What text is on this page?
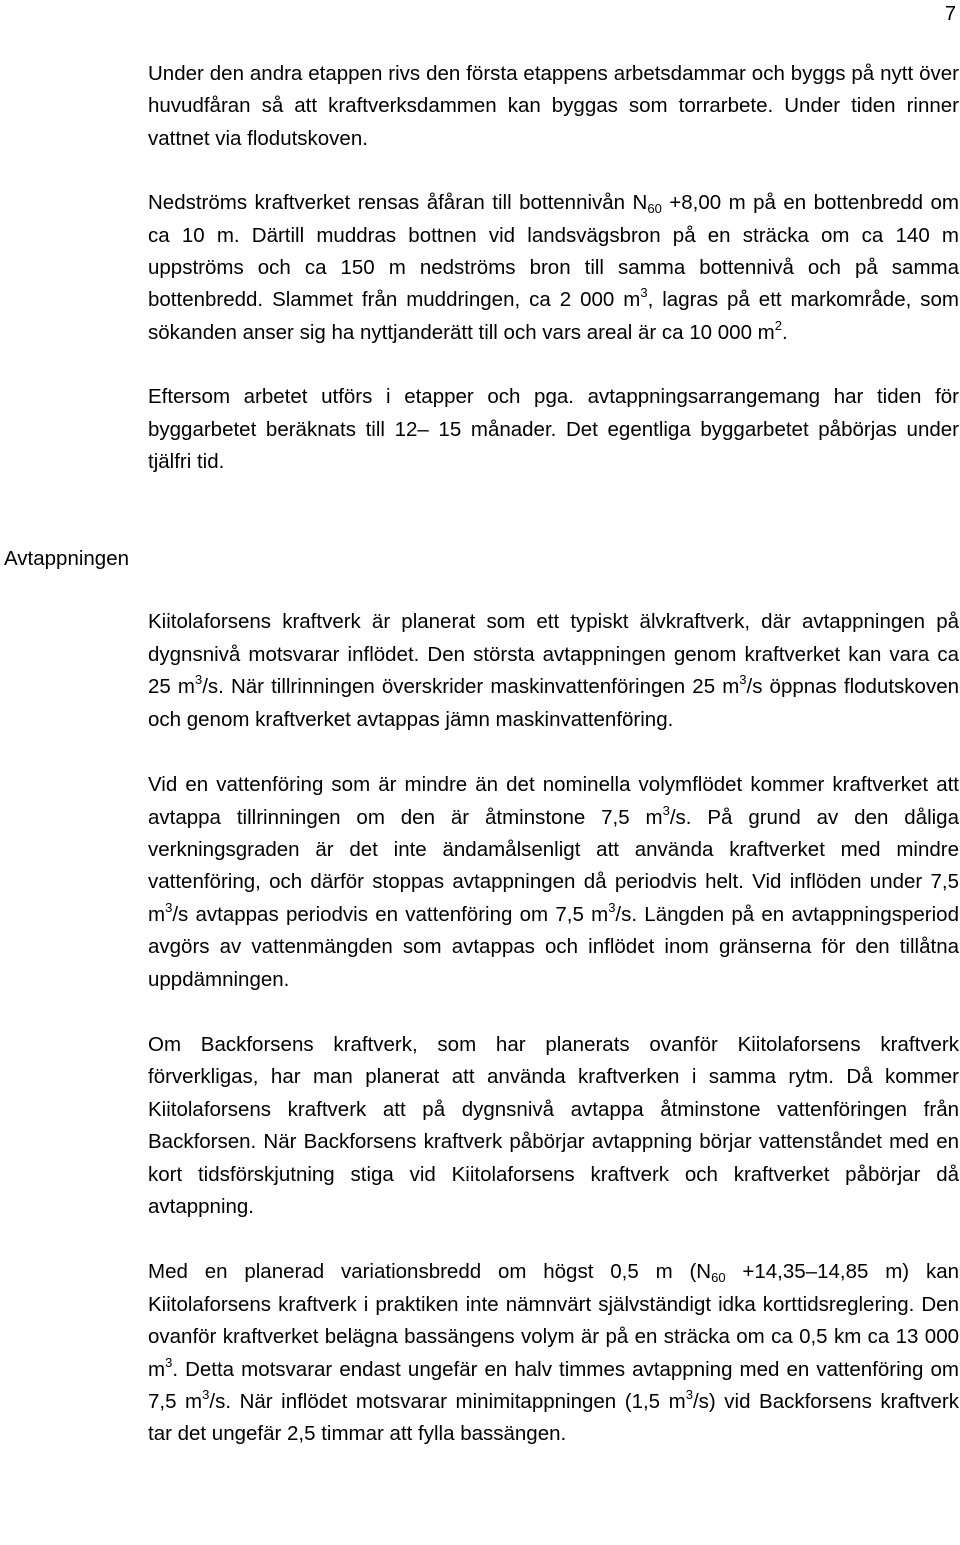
7
Avtappningen

Under den andra etappen rivs den första etappens arbetsdammar och byggs på nytt över huvudfåran så att kraftverksdammen kan byggas som torrarbete. Under tiden rinner vattnet via flodutskoven.

Nedströms kraftverket rensas åfåran till bottennivån $N_{60} +8,00$ m på en bottenbredd om ca 10 m. Därtill muddras bottnen vid landsvägsbron på en sträcka om ca 140 m uppströms och ca 150 m nedströms bron till samma bottennivå och på samma bottenbredd. Slammet från muddringen, ca 2 000 $m^3$, lagras på ett markområde, som sökanden anser sig ha nyttjanderätt till och vars areal är ca 10 000 $m^2$.

Eftersom arbetet utförs i etapper och pga. avtappningsarrangemang har tiden för byggarbetet beräknats till 12– 15 månader. Det egentliga byggarbetet påbörjas under tjälfri tid.

Kiitolaforsens kraftverk är planerat som ett typiskt älvkraftverk, där avtappningen på dygnsnivå motsvarar inflödet. Den största avtappningen genom kraftverket kan vara ca 25 $m^3/s$. När tillrinningen överskrider maskinvattenföringen 25 $m^3/s$ öppnas flodutskoven och genom kraftverket avtappas jämn maskinvattenföring.

Vid en vattenföring som är mindre än det nominella volymflödet kommer kraftverket att avtappa tillrinningen om den är åtminstone 7,5 $m^3/s$. På grund av den dåliga verkningsgraden är det inte ändamålsenligt att använda kraftverket med mindre vattenföring, och därför stoppas avtappningen då periodvis helt. Vid inflöden under 7,5 $m^3/s$ avtappas periodvis en vattenföring om 7,5 $m^3/s$. Längden på en avtappningsperiod avgörs av vattenmängden som avtappas och inflödet inom gränserna för den tillåtna uppdämningen.

Om Backforsens kraftverk, som har planerats ovanför Kiitolaforsens kraftverk förverkligas, har man planerat att använda kraftverken i samma rytm. Då kommer Kiitolaforsens kraftverk att på dygnsnivå avtappa åtminstone vattenföringen från Backforsen. När Backforsens kraftverk påbörjar avtappning börjar vattenståndet med en kort tidsförskjutning stiga vid Kiitolaforsens kraftverk och kraftverket påbörjar då avtappning.

Med en planerad variationsbredd om högst 0,5 m ($N_{60} +14,35-14,85$ m) kan Kiitolaforsens kraftverk i praktiken inte nämnvärt självständigt idka korttidsreglering. Den ovanför kraftverket belägna bassängens volym är på en sträcka om ca 0,5 km ca 13 000 $m^3$. Detta motsvarar endast ungefär en halv timmes avtappning med en vattenföring om 7,5 $m^3/s$. När inflödet motsvarar minimitappningen (1,5 $m^3/s$) vid Backforsens kraftverk tar det ungefär 2,5 timmar att fylla bassängen.
